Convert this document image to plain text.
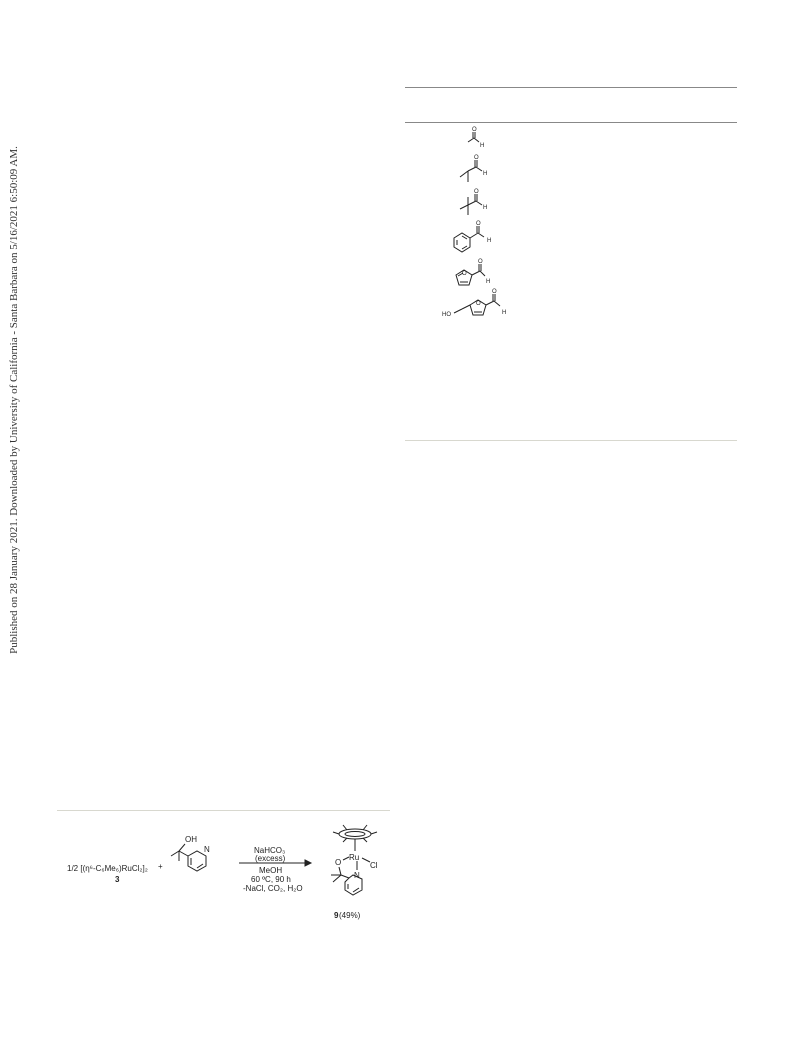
Published on 28 January 2021. Downloaded by University of California - Santa Barbara on 5/16/2021 6:50:09 AM.
O
H
O
H
O
H
O
H
O
O
H
HO
O
O
H
1/2 [(η⁶-C₆Me₆)RuCl₂]₂
3
+
OH
N	NaHCO₃
(excess)
MeOH
60 ºC, 90 h
-NaCl, CO₂, H₂O
Ru
Cl
O
N
9 (49%)
